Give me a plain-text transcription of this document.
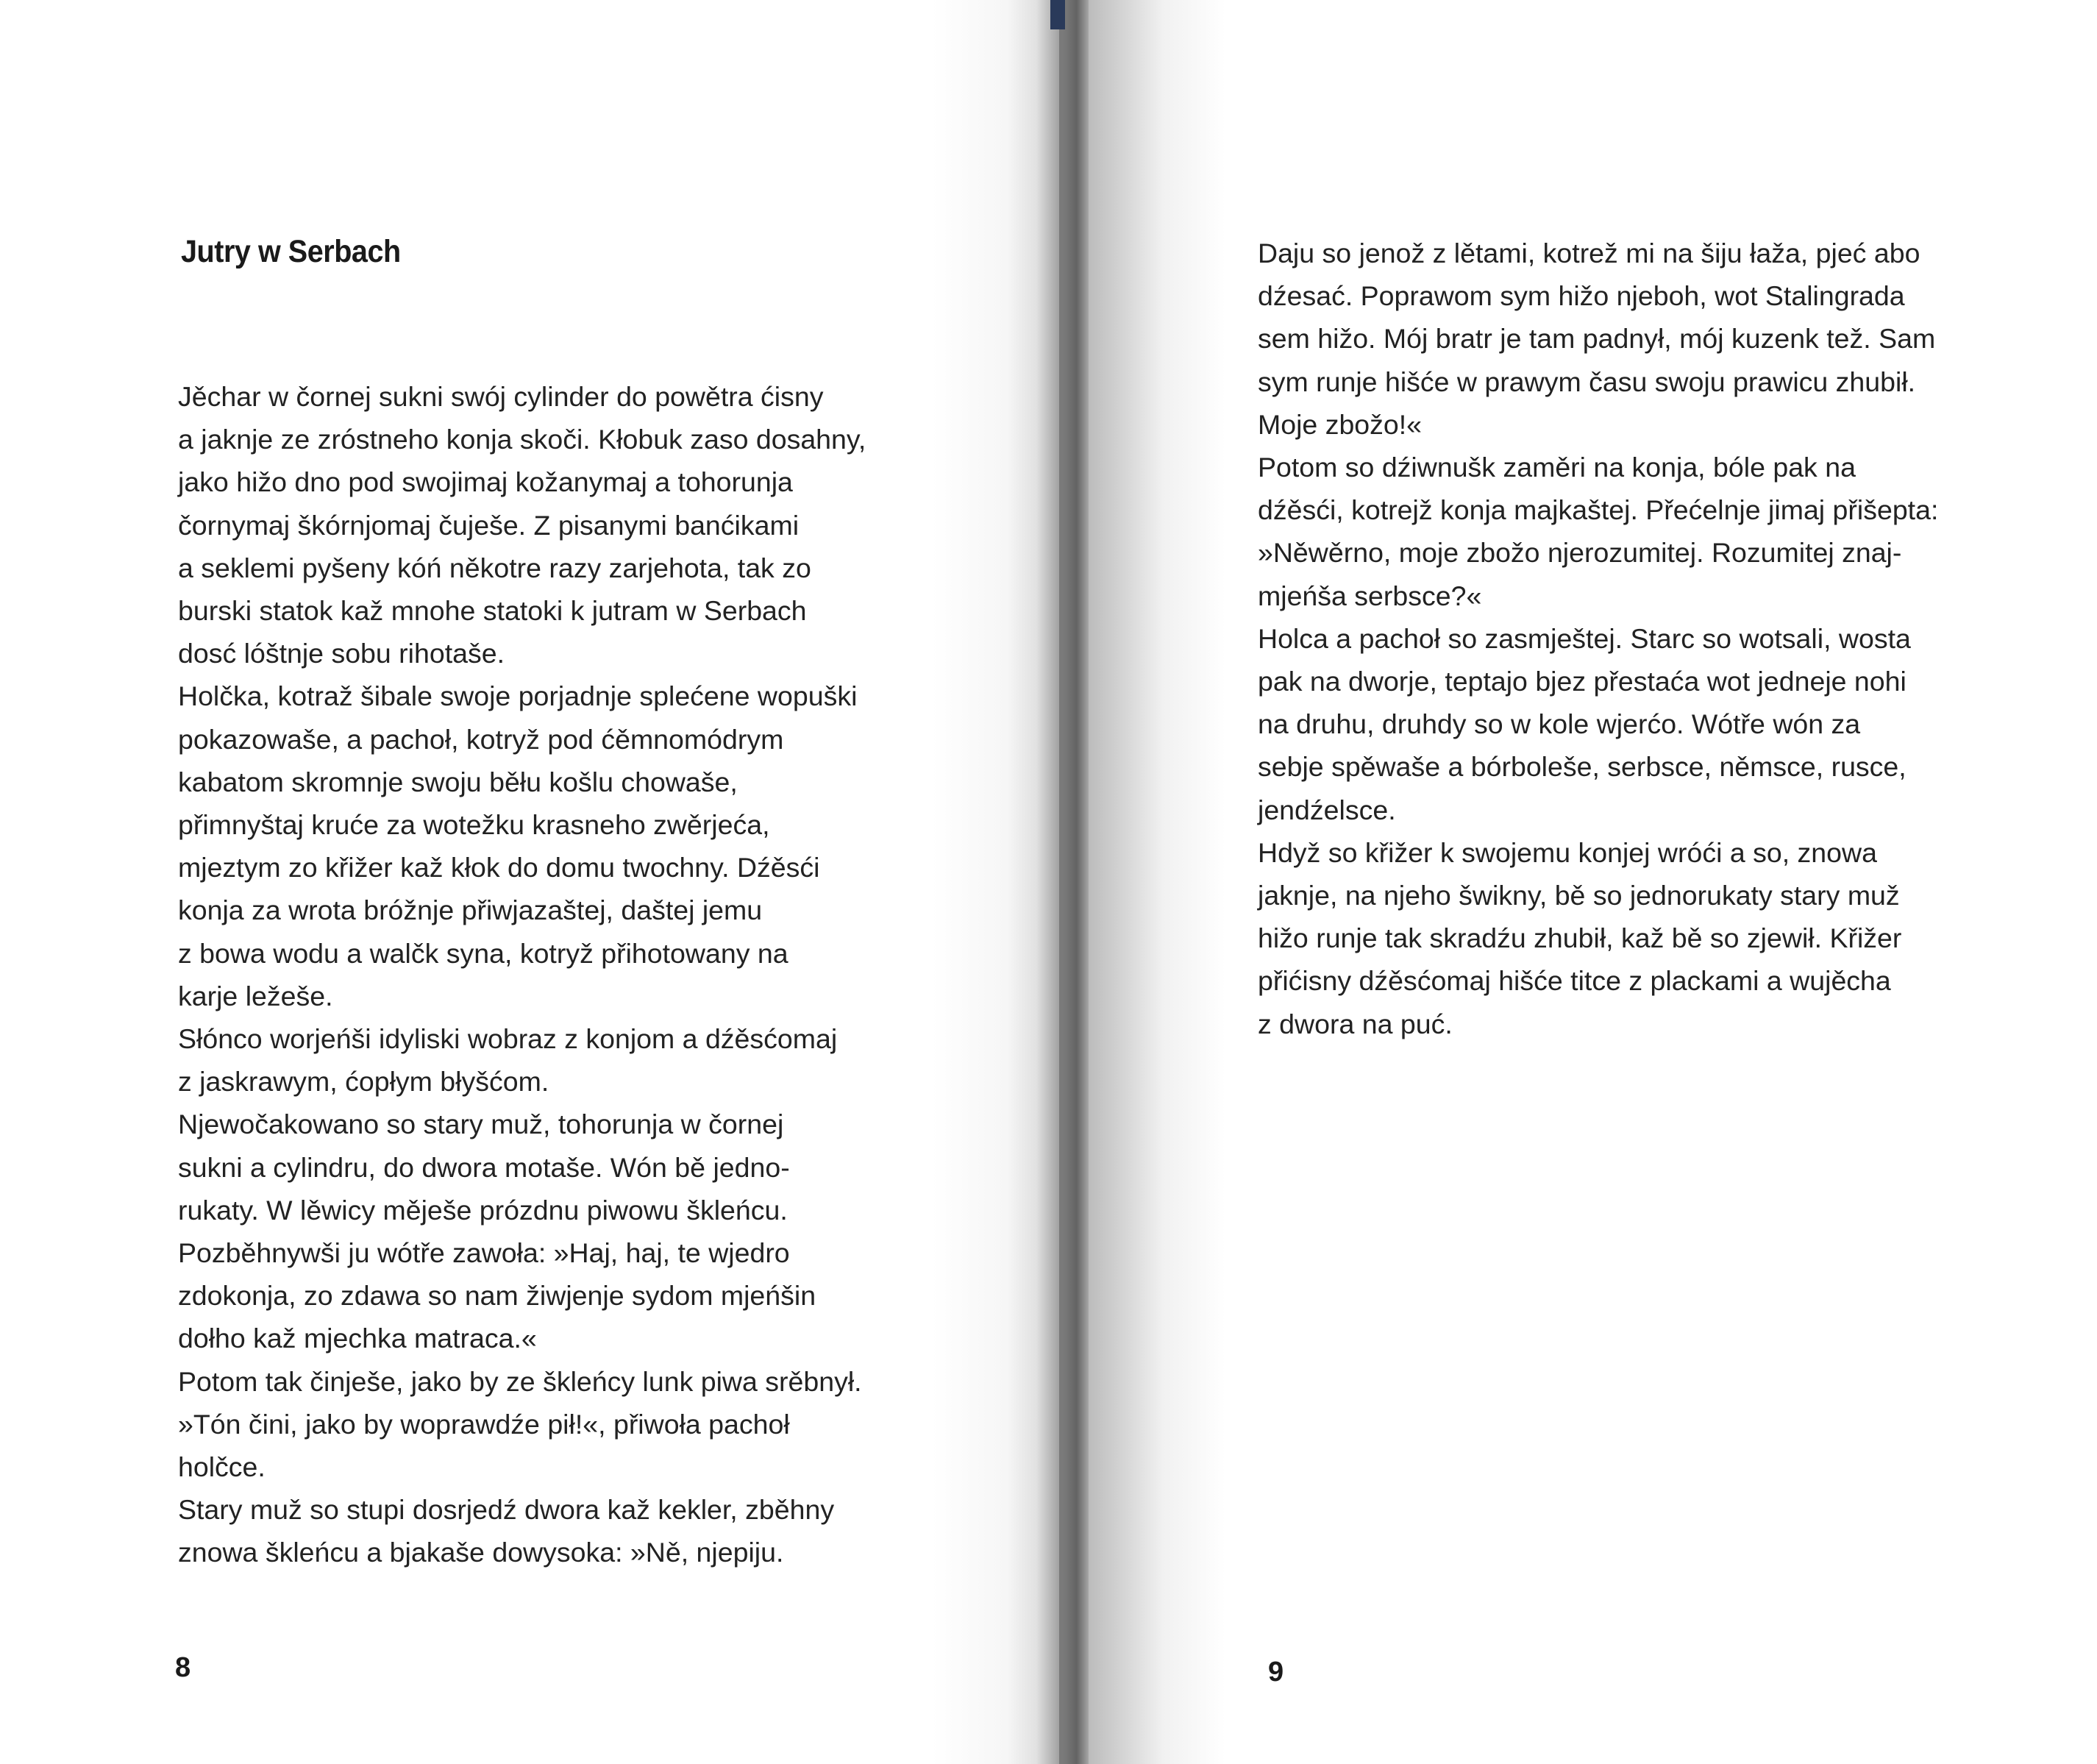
Jutry w Serbach
Jěchar w čornej sukni swój cylinder do powětra ćisny
a jaknje ze zróstneho konja skoči. Kłobuk zaso dosahny,
jako hižo dno pod swojimaj kožanymaj a tohorunja
čornymaj škórnjomaj čuješe. Z pisanymi banćikami
a seklemi pyšeny kóń někotre razy zarjehota, tak zo
burski statok kaž mnohe statoki k jutram w Serbach
dosć lóštnje sobu rihotaše.
Holčka, kotraž šibale swoje porjadnje splećene wopuški
pokazowaše, a pachoł, kotryž pod ćěmnomódrym
kabatom skromnje swoju běłu košlu chowaše,
přimnyštaj kruće za wotežku krasneho zwěrjeća,
mjeztym zo křižer kaž kłok do domu twochny. Dźěsći
konja za wrota bróžnje přiwjazaštej, daštej jemu
z bowa wodu a walčk syna, kotryž přihotowany na
karje ležeše.
Słónco worjeńši idyliski wobraz z konjom a dźěsćomaj
z jaskrawym, ćopłym błyšćom.
Njewočakowano so stary muž, tohorunja w čornej
sukni a cylindru, do dwora motaše. Wón bě jedno-
rukaty. W lěwicy měješe prózdnu piwowu škleńcu.
Pozběhnywši ju wótře zawoła: »Haj, haj, te wjedro
zdokonja, zo zdawa so nam žiwjenje sydom mjeńšin
dołho kaž mjechka matraca.«
Potom tak činješe, jako by ze škleńcy lunk piwa srěbnył.
»Tón čini, jako by woprawdźe pił!«, přiwoła pachoł
holčce.
Stary muž so stupi dosrjedź dwora kaž kekler, zběhny
znowa škleńcu a bjakaše dowysoka: »Ně, njepiju.
8
Daju so jenož z lětami, kotrež mi na šiju łaža, pjeć abo
dźesać. Poprawom sym hižo njeboh, wot Stalingrada
sem hižo. Mój bratr je tam padnył, mój kuzenk tež. Sam
sym runje hišće w prawym času swoju prawicu zhubił.
Moje zbožo!«
Potom so dźiwnušk zaměri na konja, bóle pak na
dźěsći, kotrejž konja majkaštej. Přećelnje jimaj přišepta:
»Něwěrno, moje zbožo njerozumitej. Rozumitej znaj-
mjeńša serbsce?«
Holca a pachoł so zasmještej. Starc so wotsali, wosta
pak na dworje, teptajo bjez přestaća wot jedneje nohi
na druhu, druhdy so w kole wjerćo. Wótře wón za
sebje spěwaše a bórboleše, serbsce, němsce, rusce,
jendźelsce.
Hdyž so křižer k swojemu konjej wróći a so, znowa
jaknje, na njeho šwikny, bě so jednorukaty stary muž
hižo runje tak skradźu zhubił, kaž bě so zjewił. Křižer
přićisny dźěsćomaj hišće titce z plackami a wujěcha
z dwora na puć.
9
